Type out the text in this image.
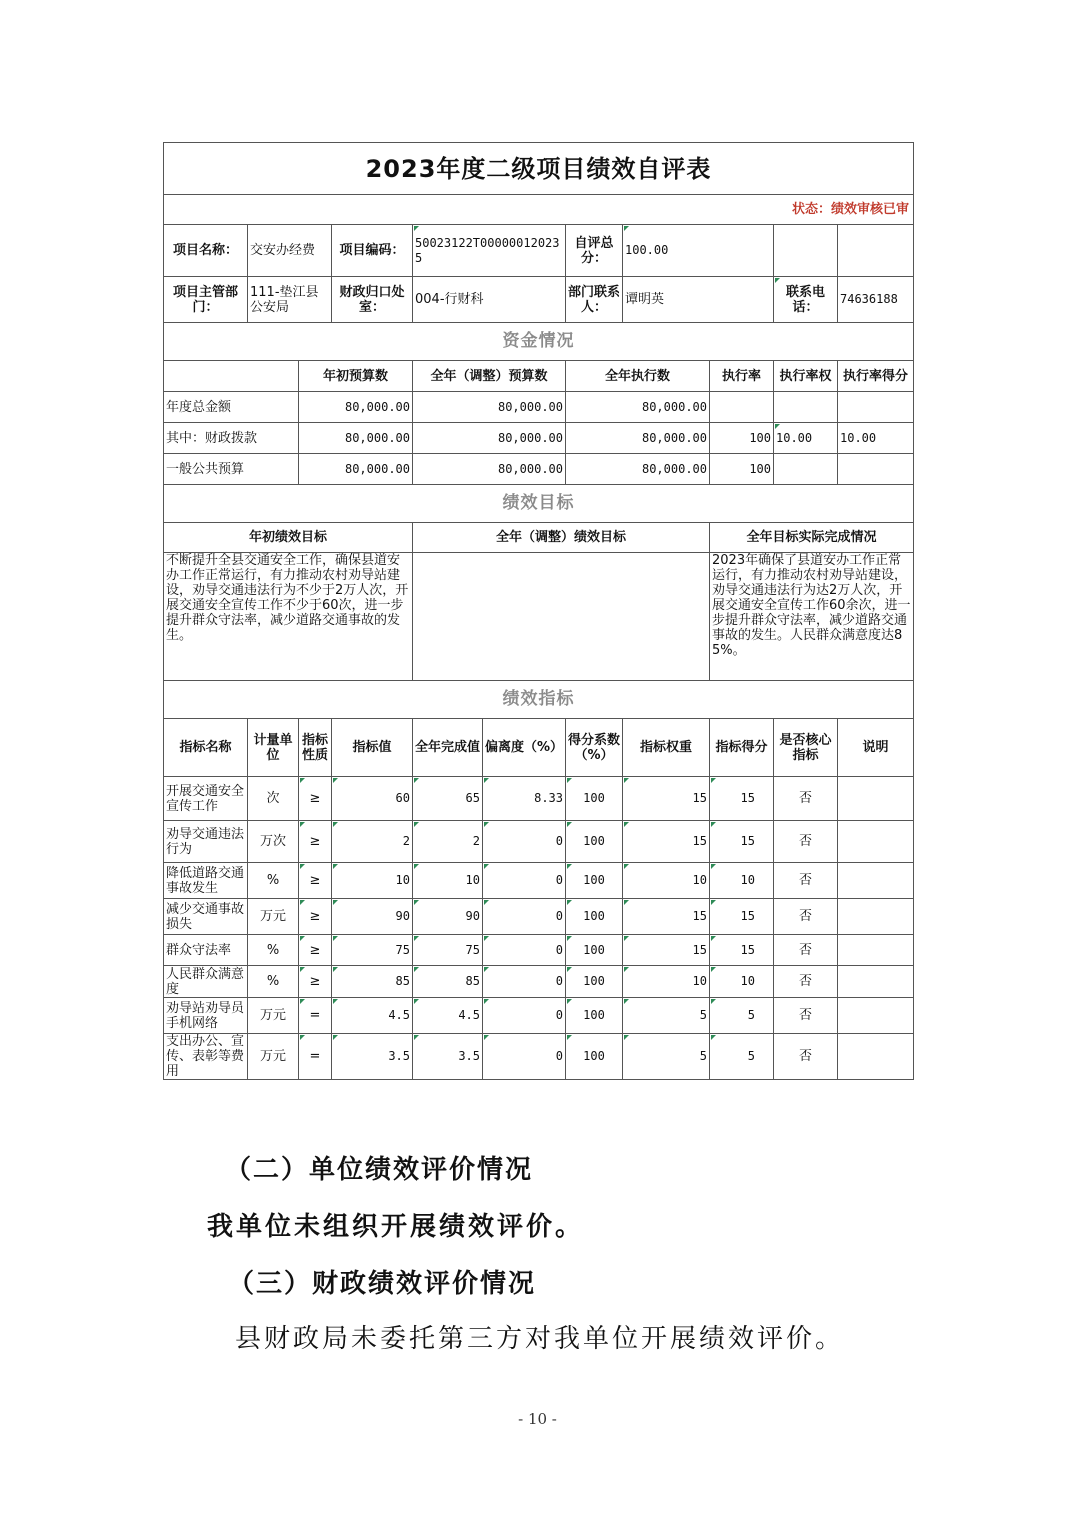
2023年度二级项目绩效自评表										
状态：绩效审核已审										
项目名称：	交安办经费		项目编码：	50023122T000000120235		自评总分：	100.00			
项目主管部门：	111-垫江县公安局		财政归口处室：	004-行财科		部门联系人：	谭明英		联系电话：	74636188
资金情况										
		年初预算数		全年（调整）预算数		全年执行数		执行率	执行率权	执行率得分
年度总金额		80,000.00		80,000.00		80,000.00				
其中：财政拨款		80,000.00		80,000.00		80,000.00		100	10.00	10.00
一般公共预算		80,000.00		80,000.00		80,000.00		100		
绩效目标										
年初绩效目标				全年（调整）绩效目标				全年目标实际完成情况		
不断提升全县交通安全工作，确保县道安办工作正常运行，有力推动农村劝导站建设，劝导交通违法行为不少于2万人次，开展交通安全宣传工作不少于60次，进一步提升群众守法率，减少道路交通事故的发生。								2023年确保了县道安办工作正常运行，有力推动农村劝导站建设，劝导交通违法行为达2万人次，开展交通安全宣传工作60余次，进一步提升群众守法率，减少道路交通事故的发生。人民群众满意度达85%。		
绩效指标										
指标名称	计量单位	指标性质	指标值	全年完成值	偏离度（%）	得分系数（%）	指标权重	指标得分	是否核心指标	说明
开展交通安全宣传工作	次	≥	60	65	8.33	100	15	15	否	
劝导交通违法行为	万次	≥	2	2	0	100	15	15	否	
降低道路交通事故发生	%	≥	10	10	0	100	10	10	否	
减少交通事故损失	万元	≥	90	90	0	100	15	15	否	
群众守法率	%	≥	75	75	0	100	15	15	否	
人民群众满意度	%	≥	85	85	0	100	10	10	否	
劝导站劝导员手机网络	万元	=	4.5	4.5	0	100	5	5	否	
支出办公、宣传、表彰等费用	万元	=	3.5	3.5	0	100	5	5	否	
（二）单位绩效评价情况
我单位未组织开展绩效评价。
（三）财政绩效评价情况
县财政局未委托第三方对我单位开展绩效评价。
- 10 -
